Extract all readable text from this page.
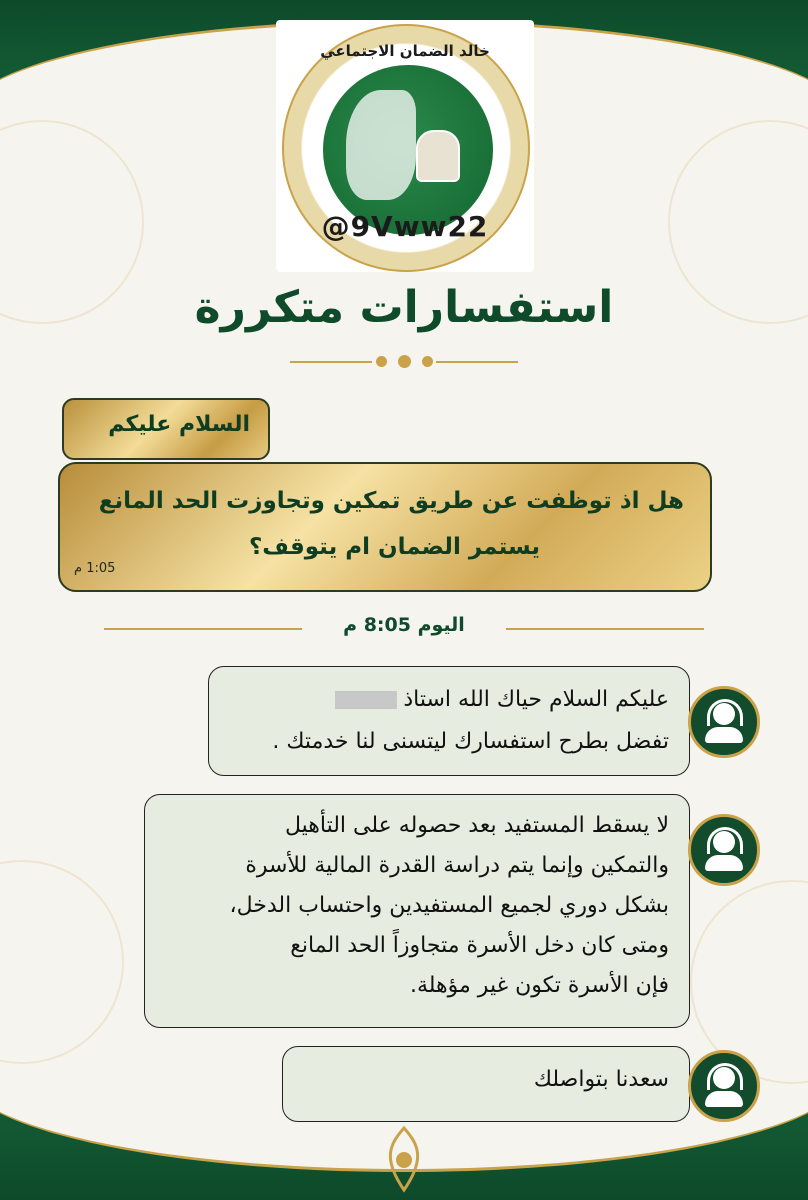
خالد الضمان الاجتماعي
@9Vww22
استفسارات متكررة
السلام عليكم
هل اذ توظفت عن طريق تمكين وتجاوزت الحد المانع
يستمر الضمان ام يتوقف؟
1:05 م
اليوم 8:05 م
عليكم السلام حياك الله استاذ
تفضل بطرح استفسارك ليتسنى لنا خدمتك .
لا يسقط المستفيد بعد حصوله على التأهيل
والتمكين وإنما يتم دراسة القدرة المالية للأسرة
بشكل دوري لجميع المستفيدين واحتساب الدخل،
ومتى كان دخل الأسرة متجاوزاً الحد المانع
فإن الأسرة تكون غير مؤهلة.
سعدنا بتواصلك
